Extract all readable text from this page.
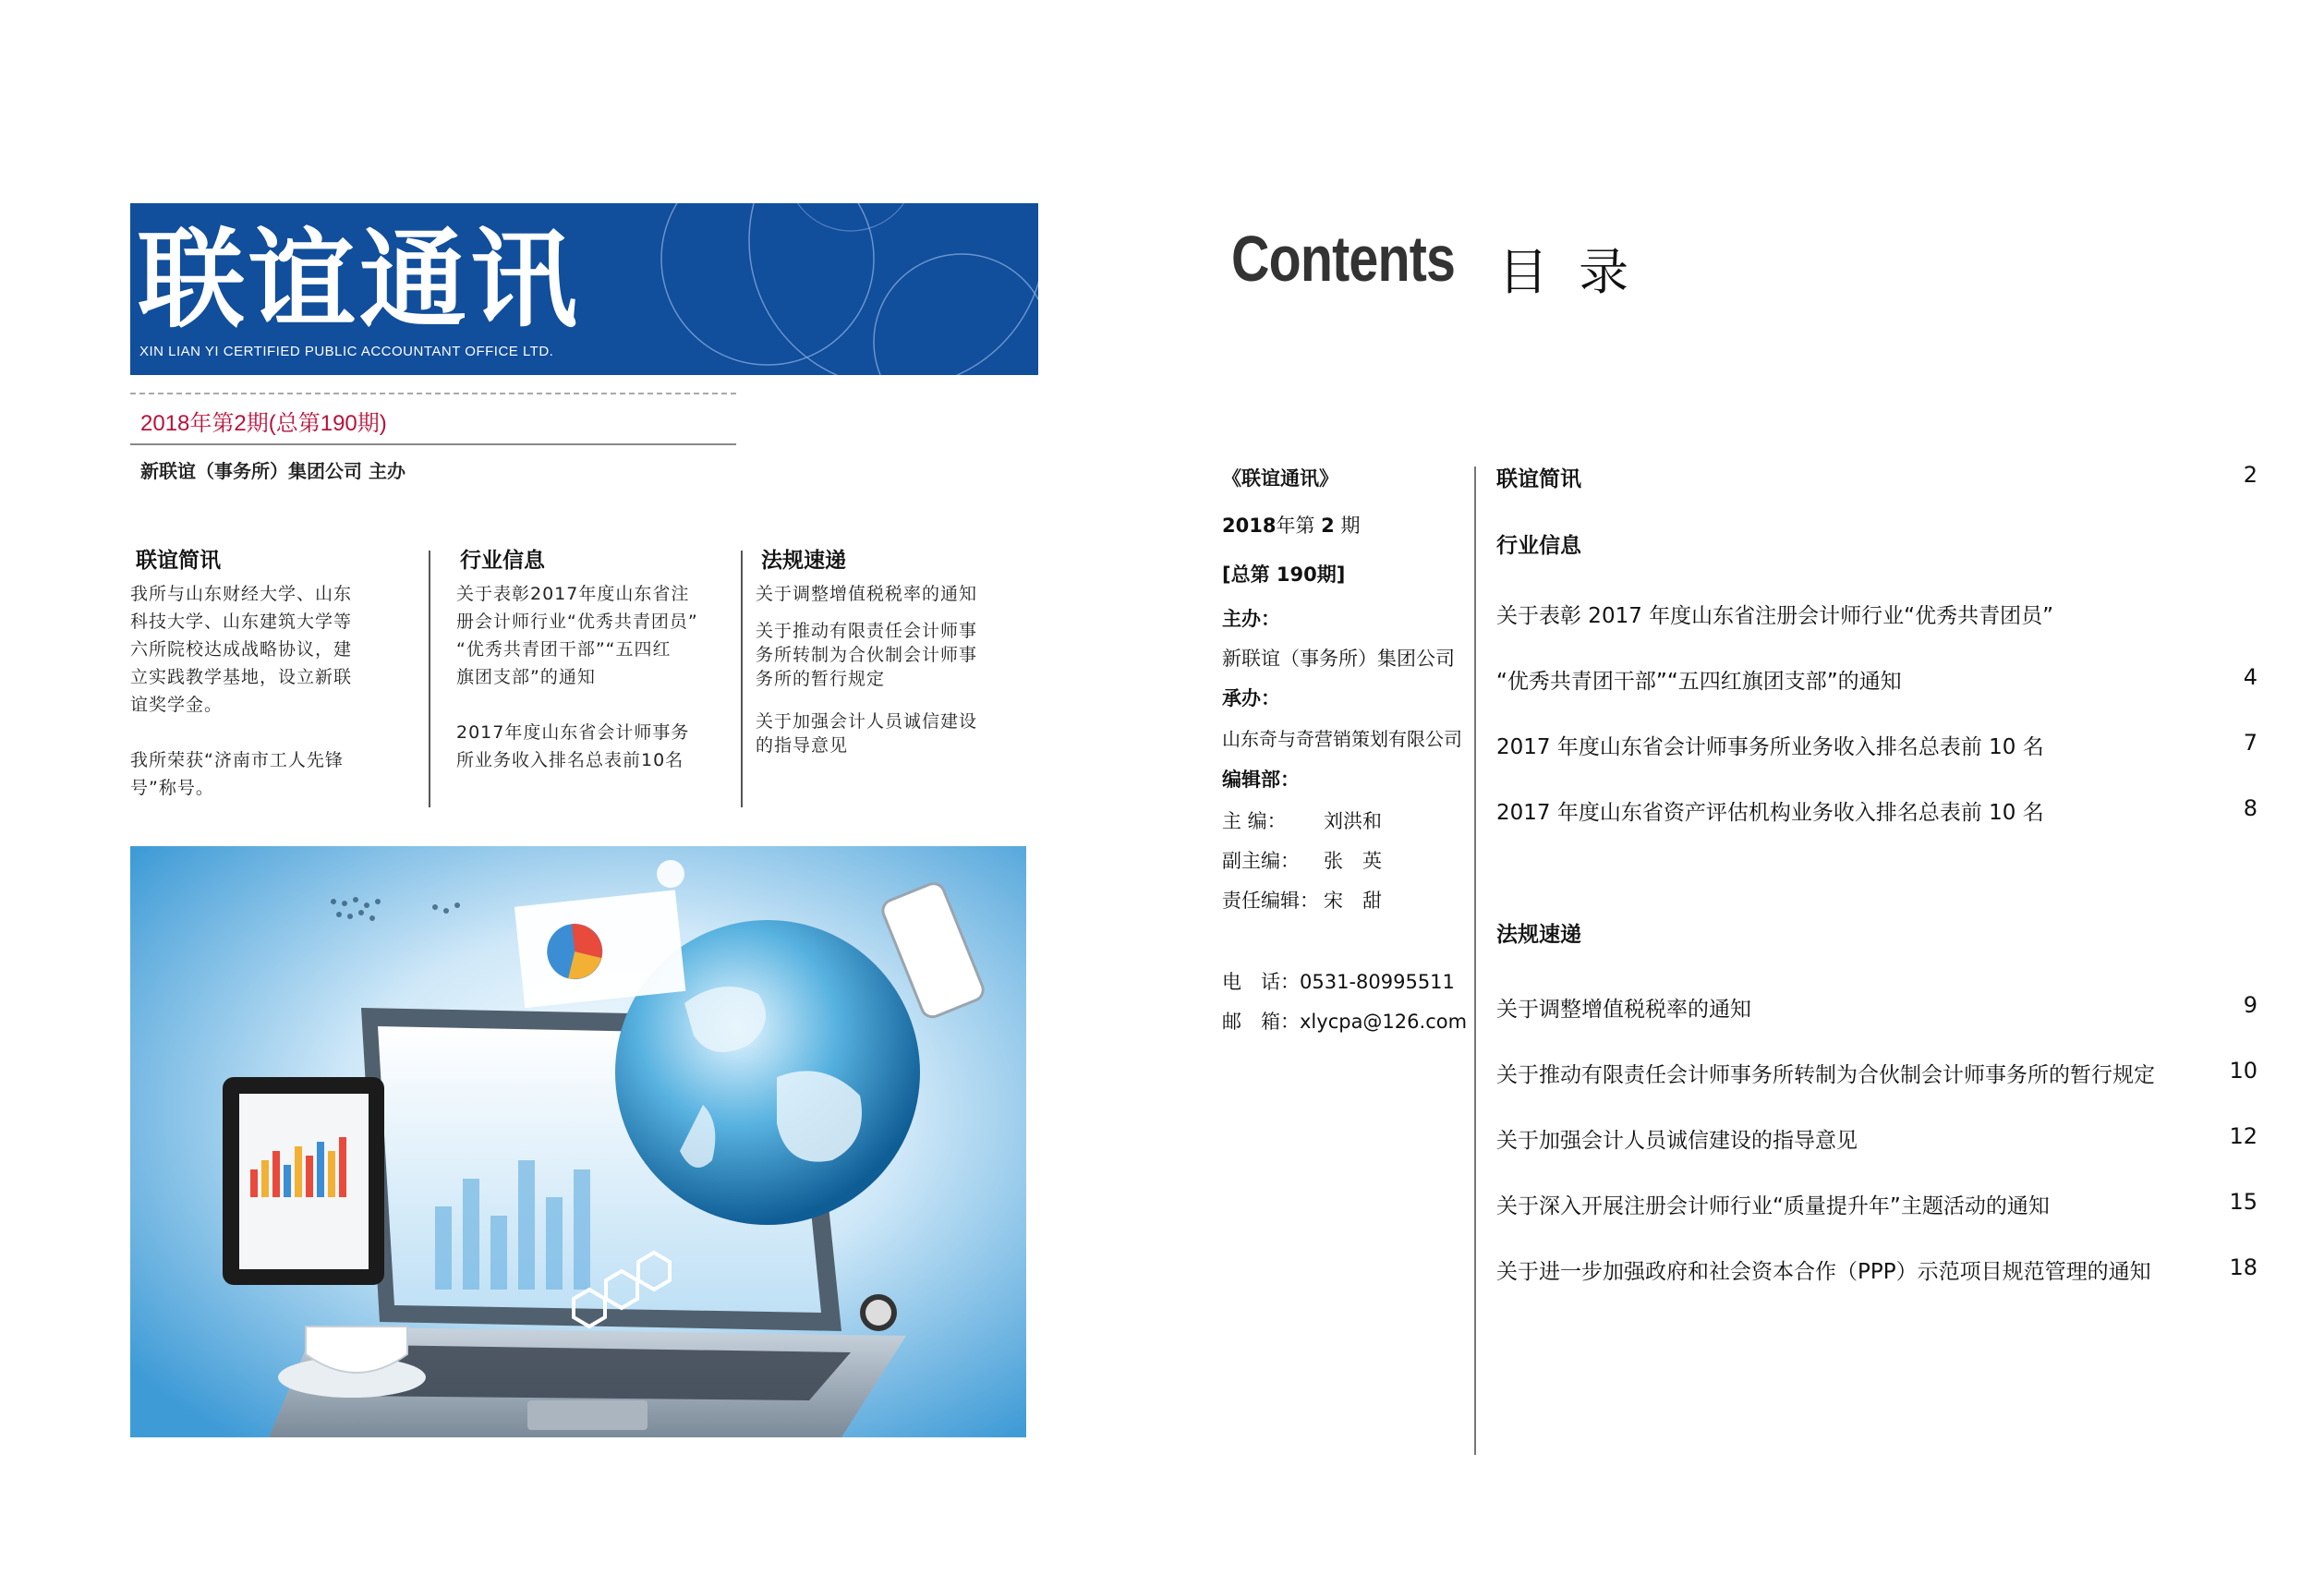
联谊通讯
XIN LIAN YI CERTIFIED PUBLIC ACCOUNTANT OFFICE LTD.
2018年第2期(总第190期)
新联谊（事务所）集团公司 主办
联谊简讯
我所与山东财经大学、山东
科技大学、山东建筑大学等
六所院校达成战略协议，建
立实践教学基地，设立新联
谊奖学金。
我所荣获“济南市工人先锋
号”称号。
行业信息
关于表彰2017年度山东省注
册会计师行业“优秀共青团员”
“优秀共青团干部”“五四红
旗团支部”的通知
2017年度山东省会计师事务
所业务收入排名总表前10名
法规速递
关于调整增值税税率的通知
关于推动有限责任会计师事
务所转制为合伙制会计师事
务所的暂行规定
关于加强会计人员诚信建设
的指导意见
Contents 目 录
《联谊通讯》
2018年第 2 期
[总第 190期]
主办：
新联谊（事务所）集团公司
承办：
山东奇与奇营销策划有限公司
编辑部：
主 编： 刘洪和
副主编： 张　英
责任编辑： 宋　甜
电　话：0531-80995511
邮　箱：xlycpa@126.com
联谊简讯	2
行业信息
关于表彰 2017 年度山东省注册会计师行业“优秀共青团员”
“优秀共青团干部”“五四红旗团支部”的通知	4
2017 年度山东省会计师事务所业务收入排名总表前 10 名	7
2017 年度山东省资产评估机构业务收入排名总表前 10 名	8
法规速递
关于调整增值税税率的通知	9
关于推动有限责任会计师事务所转制为合伙制会计师事务所的暂行规定	10
关于加强会计人员诚信建设的指导意见	12
关于深入开展注册会计师行业“质量提升年”主题活动的通知	15
关于进一步加强政府和社会资本合作（PPP）示范项目规范管理的通知	18
